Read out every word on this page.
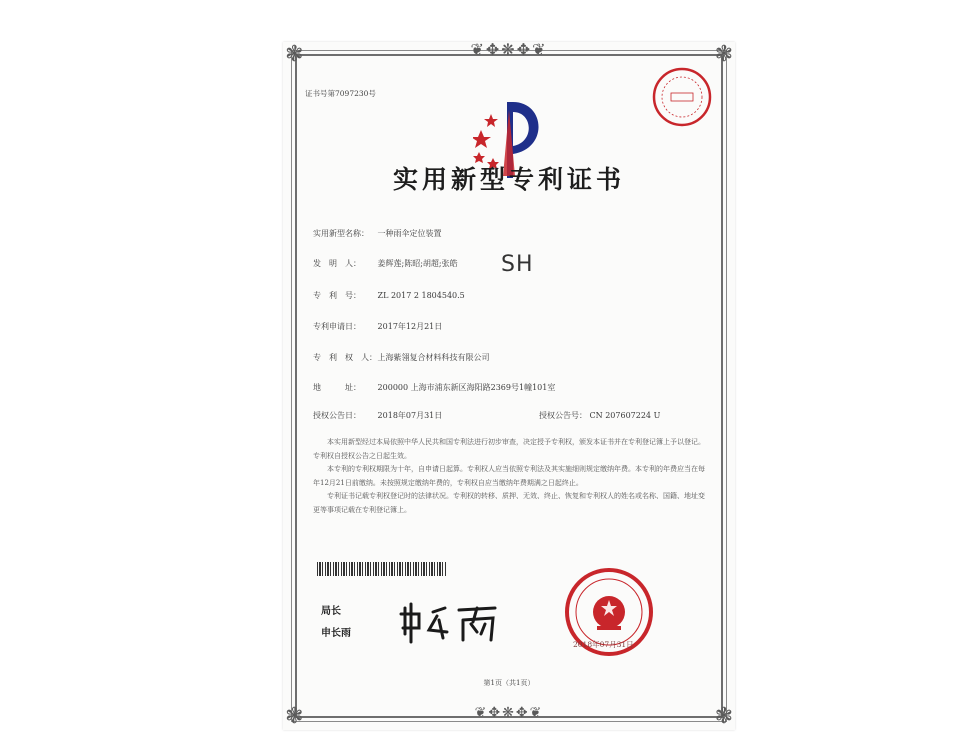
❦✥❋✥❦
❦✥❋✥❦
❃	❃
❃	❃
证书号第7097230号
实用新型专利证书
实用新型名称： 一种雨伞定位装置
发　明　人： 姜辉莲;陈昭;胡超;张皓 SH
专　利　号： ZL 2017 2 1804540.5
专利申请日： 2017年12月21日
专　利　权　人： 上海紫翎复合材料科技有限公司
地　　　址： 200000 上海市浦东新区海阳路2369号1幢101室
授权公告日： 2018年07月31日	授权公告号： CN 207607224 U

本实用新型经过本局依照中华人民共和国专利法进行初步审查，决定授予专利权，颁发本证书并在专利登记簿上予以登记。专利权自授权公告之日起生效。

本专利的专利权期限为十年，自申请日起算。专利权人应当依照专利法及其实施细则规定缴纳年费。本专利的年费应当在每年12月21日前缴纳。未按照规定缴纳年费的，专利权自应当缴纳年费期满之日起终止。

专利证书记载专利权登记时的法律状况。专利权的转移、质押、无效、终止、恢复和专利权人的姓名或名称、国籍、地址变更等事项记载在专利登记簿上。

局长
申长雨
2018年07月31日
第1页（共1页）
